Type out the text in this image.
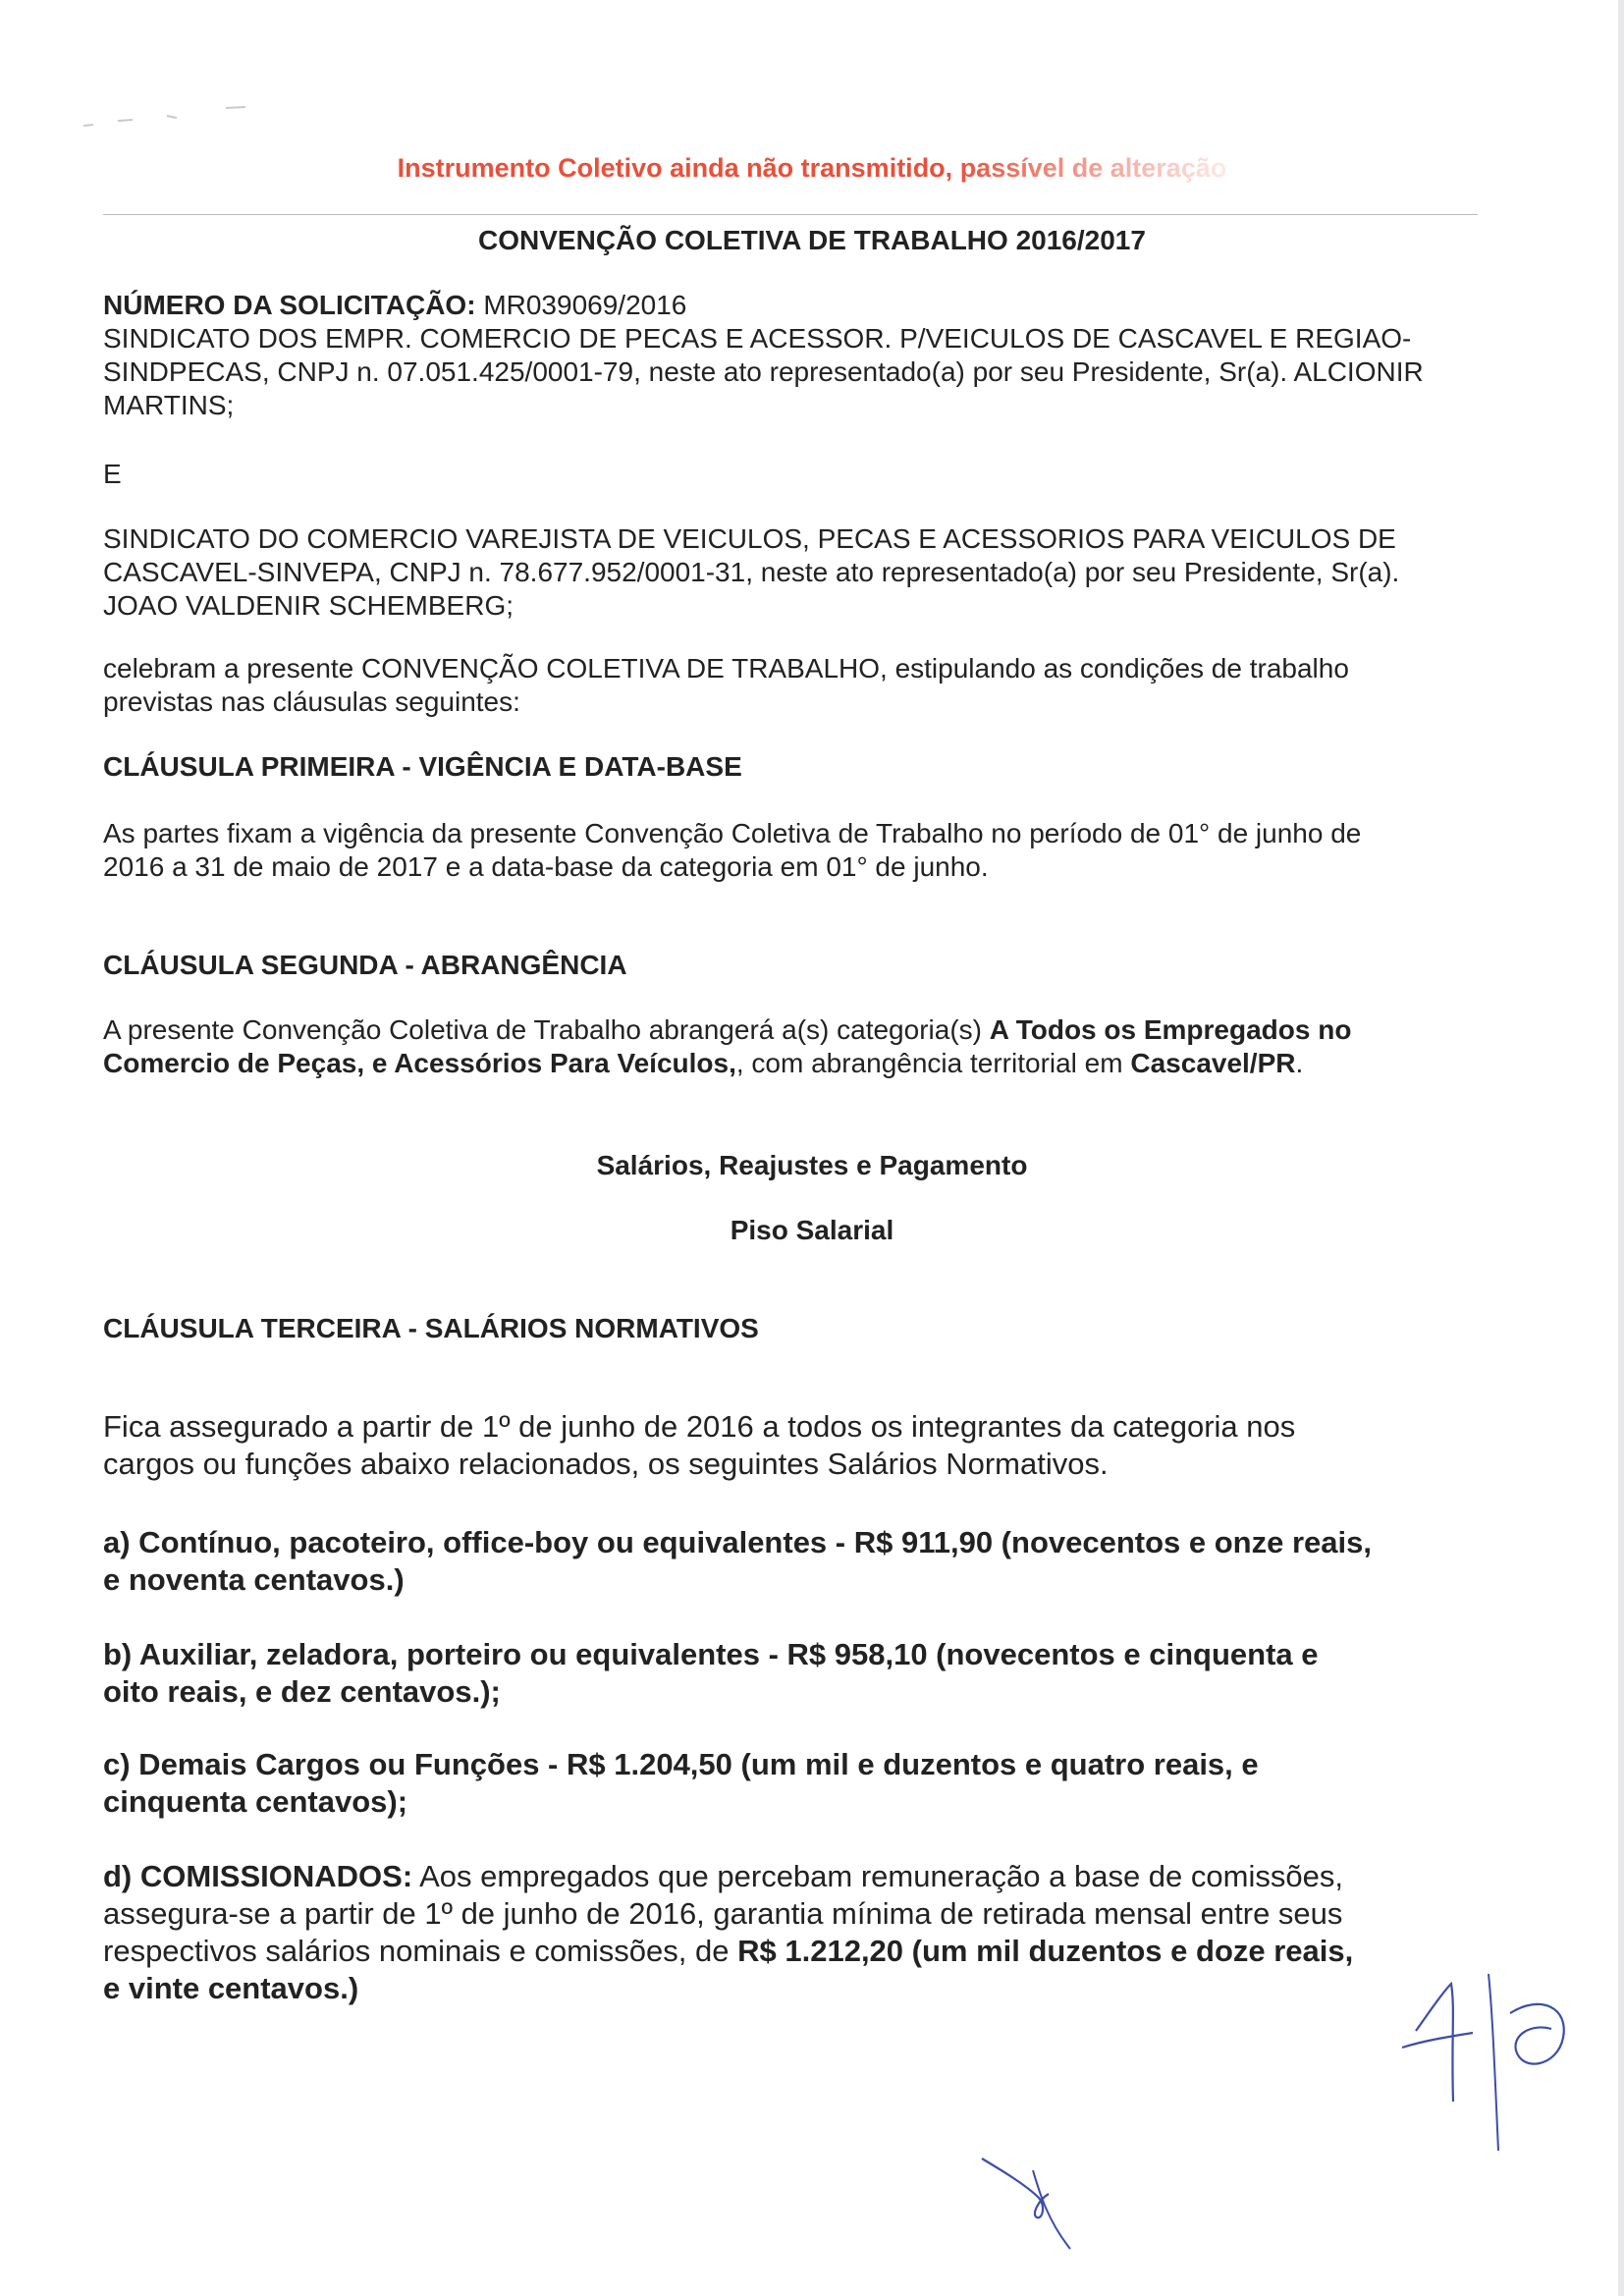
Instrumento Coletivo ainda não transmitido, passível de alteração
CONVENÇÃO COLETIVA DE TRABALHO 2016/2017
NÚMERO DA SOLICITAÇÃO: MR039069/2016
SINDICATO DOS EMPR. COMERCIO DE PECAS E ACESSOR. P/VEICULOS DE CASCAVEL E REGIAO-
SINDPECAS, CNPJ n. 07.051.425/0001-79, neste ato representado(a) por seu Presidente, Sr(a). ALCIONIR
MARTINS;
E
SINDICATO DO COMERCIO VAREJISTA DE VEICULOS, PECAS E ACESSORIOS PARA VEICULOS DE
CASCAVEL-SINVEPA, CNPJ n. 78.677.952/0001-31, neste ato representado(a) por seu Presidente, Sr(a).
JOAO VALDENIR SCHEMBERG;
celebram a presente CONVENÇÃO COLETIVA DE TRABALHO, estipulando as condições de trabalho
previstas nas cláusulas seguintes:
CLÁUSULA PRIMEIRA - VIGÊNCIA E DATA-BASE
As partes fixam a vigência da presente Convenção Coletiva de Trabalho no período de 01° de junho de
2016 a 31 de maio de 2017 e a data-base da categoria em 01° de junho.
CLÁUSULA SEGUNDA - ABRANGÊNCIA
A presente Convenção Coletiva de Trabalho abrangerá a(s) categoria(s) A Todos os Empregados no
Comercio de Peças, e Acessórios Para Veículos,, com abrangência territorial em Cascavel/PR.
Salários, Reajustes e Pagamento
Piso Salarial
CLÁUSULA TERCEIRA - SALÁRIOS NORMATIVOS
Fica assegurado a partir de 1º de junho de 2016 a todos os integrantes da categoria nos
cargos ou funções abaixo relacionados, os seguintes Salários Normativos.
a) Contínuo, pacoteiro, office-boy ou equivalentes - R$ 911,90 (novecentos e onze reais,
e noventa centavos.)
b) Auxiliar, zeladora, porteiro ou equivalentes - R$ 958,10 (novecentos e cinquenta e
oito reais, e dez centavos.);
c) Demais Cargos ou Funções - R$ 1.204,50 (um mil e duzentos e quatro reais, e
cinquenta centavos);
d) COMISSIONADOS: Aos empregados que percebam remuneração a base de comissões,
assegura-se a partir de 1º de junho de 2016, garantia mínima de retirada mensal entre seus
respectivos salários nominais e comissões, de R$ 1.212,20 (um mil duzentos e doze reais,
e vinte centavos.)
